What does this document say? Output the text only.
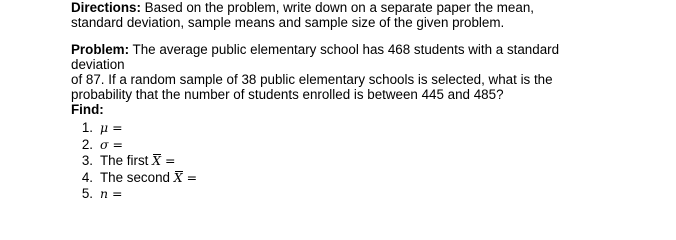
Directions: Based on the problem, write down on a separate paper the mean,
standard deviation, sample means and sample size of the given problem.

Problem: The average public elementary school has 468 students with a standard
deviation
of 87. If a random sample of 38 public elementary schools is selected, what is the
probability that the number of students enrolled is between 445 and 485?

Find:
1. μ =
2. σ =
3. The first X =
4. The second X =
5. n =
